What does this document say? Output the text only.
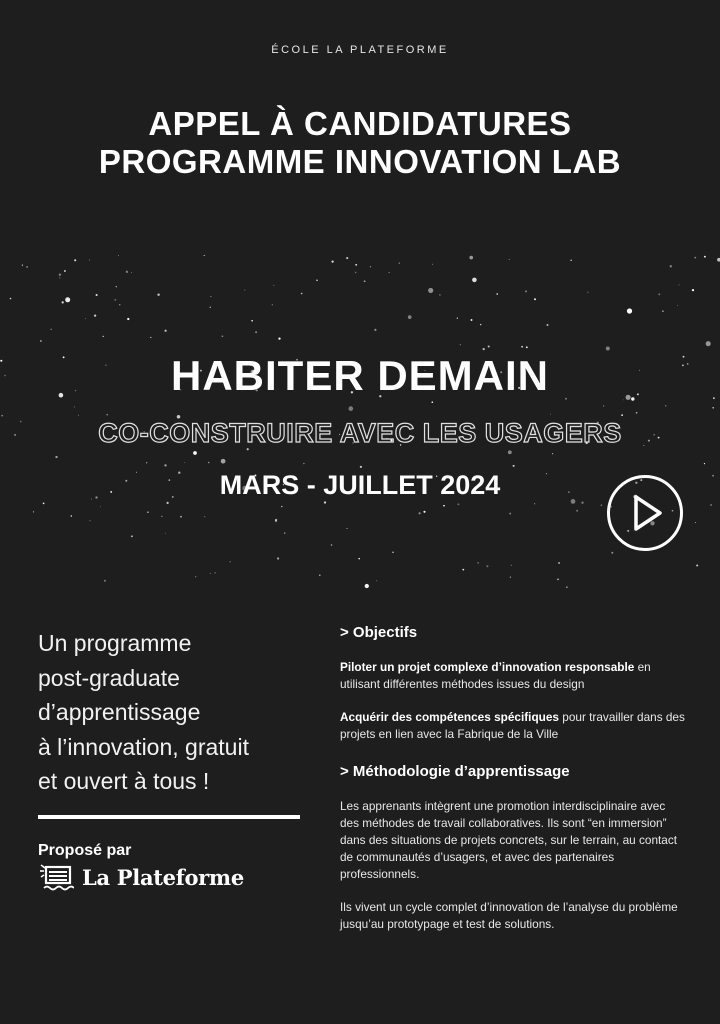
ÉCOLE LA PLATEFORME
APPEL À CANDIDATURES
PROGRAMME INNOVATION LAB
HABITER DEMAIN
CO-CONSTRUIRE AVEC LES USAGERS
MARS - JUILLET 2024
Un programme
post-graduate
d’apprentissage
à l’innovation, gratuit
et ouvert à tous !
Proposé par
La Plateforme
> Objectifs

Piloter un projet complexe d’innovation responsable en utilisant différentes méthodes issues du design

Acquérir des compétences spécifiques pour travailler dans des projets en lien avec la Fabrique de la Ville

> Méthodologie d’apprentissage

Les apprenants intègrent une promotion interdisciplinaire avec des méthodes de travail collaboratives. Ils sont “en immersion” dans des situations de projets concrets, sur le terrain, au contact de communautés d’usagers, et avec des partenaires professionnels.

Ils vivent un cycle complet d’innovation de l’analyse du problème jusqu’au prototypage et test de solutions.
